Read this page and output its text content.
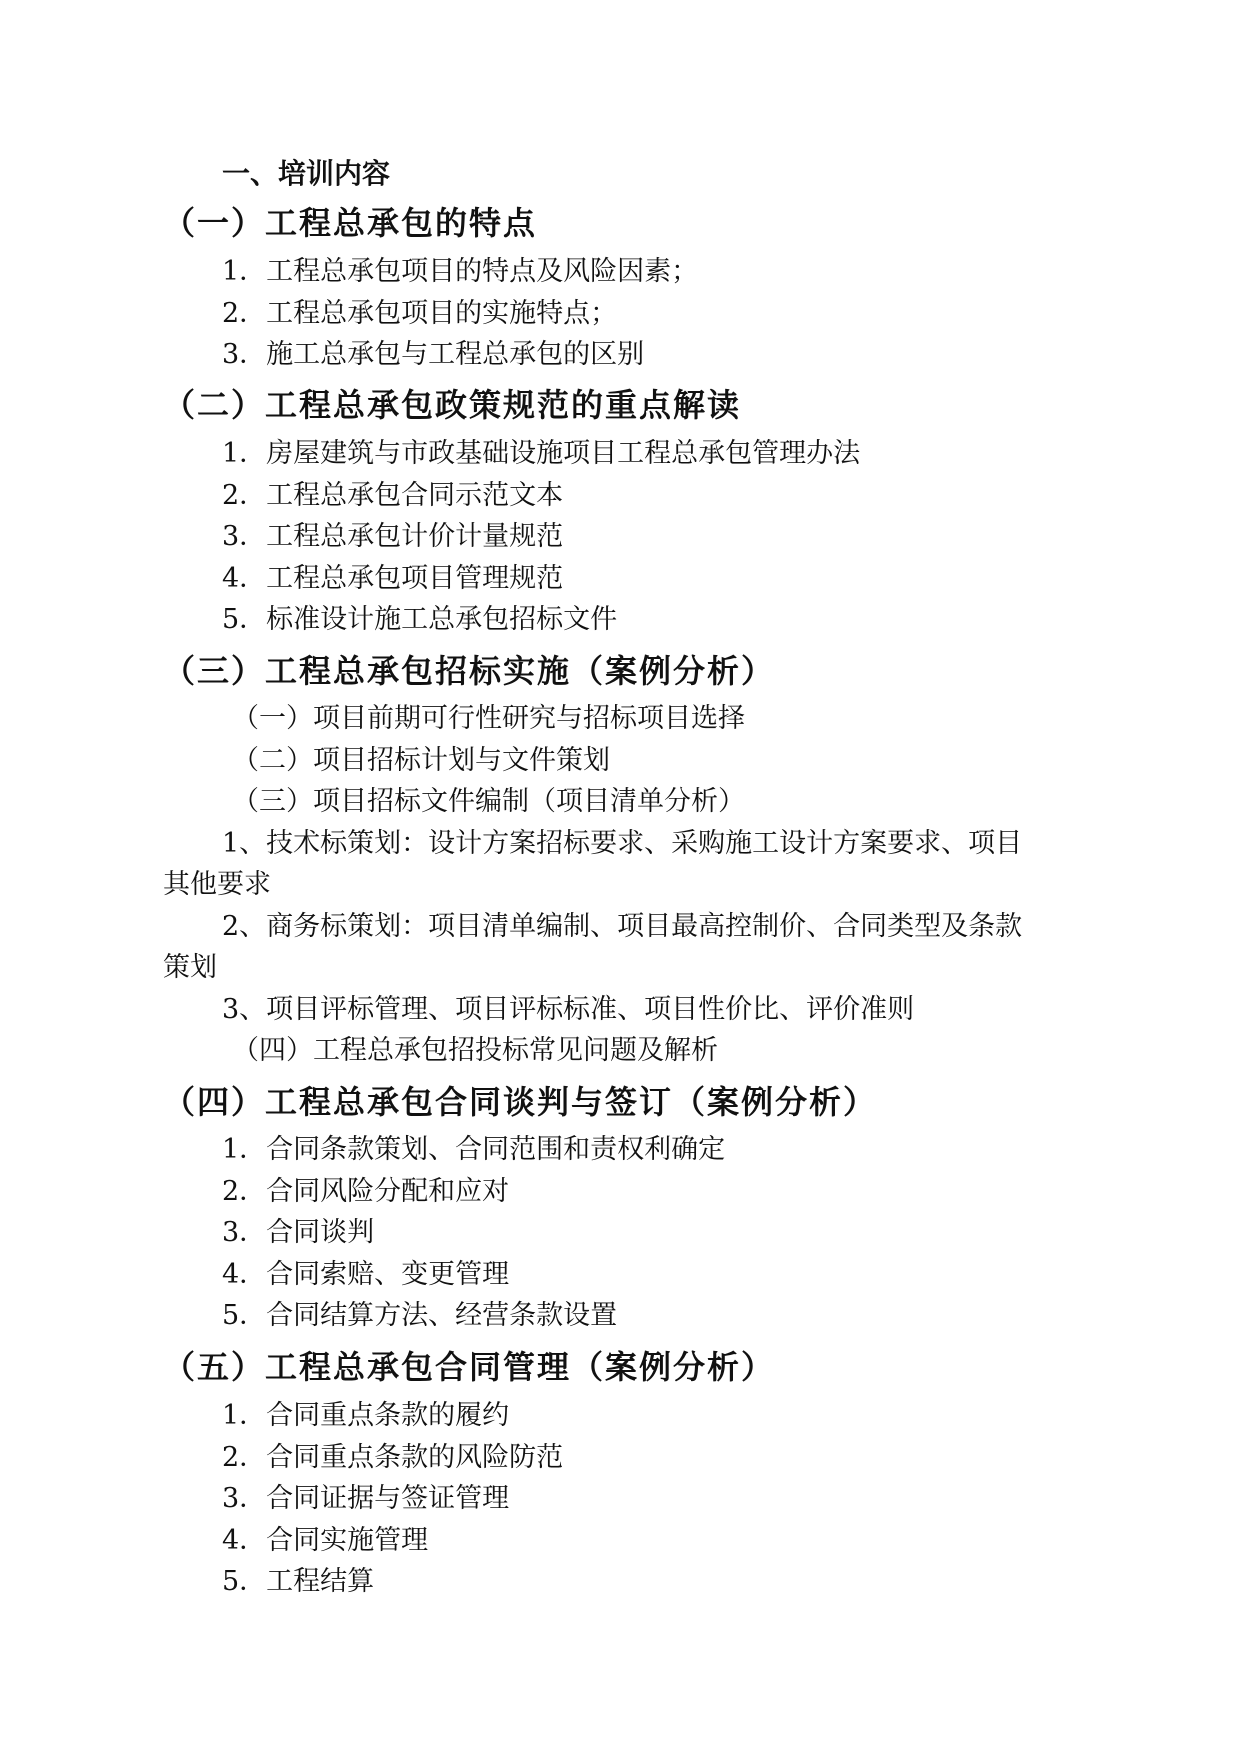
一、培训内容
（一）工程总承包的特点
1．工程总承包项目的特点及风险因素；
2．工程总承包项目的实施特点；
3．施工总承包与工程总承包的区别
（二）工程总承包政策规范的重点解读
1．房屋建筑与市政基础设施项目工程总承包管理办法
2．工程总承包合同示范文本
3．工程总承包计价计量规范
4．工程总承包项目管理规范
5．标准设计施工总承包招标文件
（三）工程总承包招标实施（案例分析）
（一）项目前期可行性研究与招标项目选择
（二）项目招标计划与文件策划
（三）项目招标文件编制（项目清单分析）
1、技术标策划：设计方案招标要求、采购施工设计方案要求、项目
其他要求
2、商务标策划：项目清单编制、项目最高控制价、合同类型及条款
策划
3、项目评标管理、项目评标标准、项目性价比、评价准则
（四）工程总承包招投标常见问题及解析
（四）工程总承包合同谈判与签订（案例分析）
1．合同条款策划、合同范围和责权利确定
2．合同风险分配和应对
3．合同谈判
4．合同索赔、变更管理
5．合同结算方法、经营条款设置
（五）工程总承包合同管理（案例分析）
1．合同重点条款的履约
2．合同重点条款的风险防范
3．合同证据与签证管理
4．合同实施管理
5．工程结算
